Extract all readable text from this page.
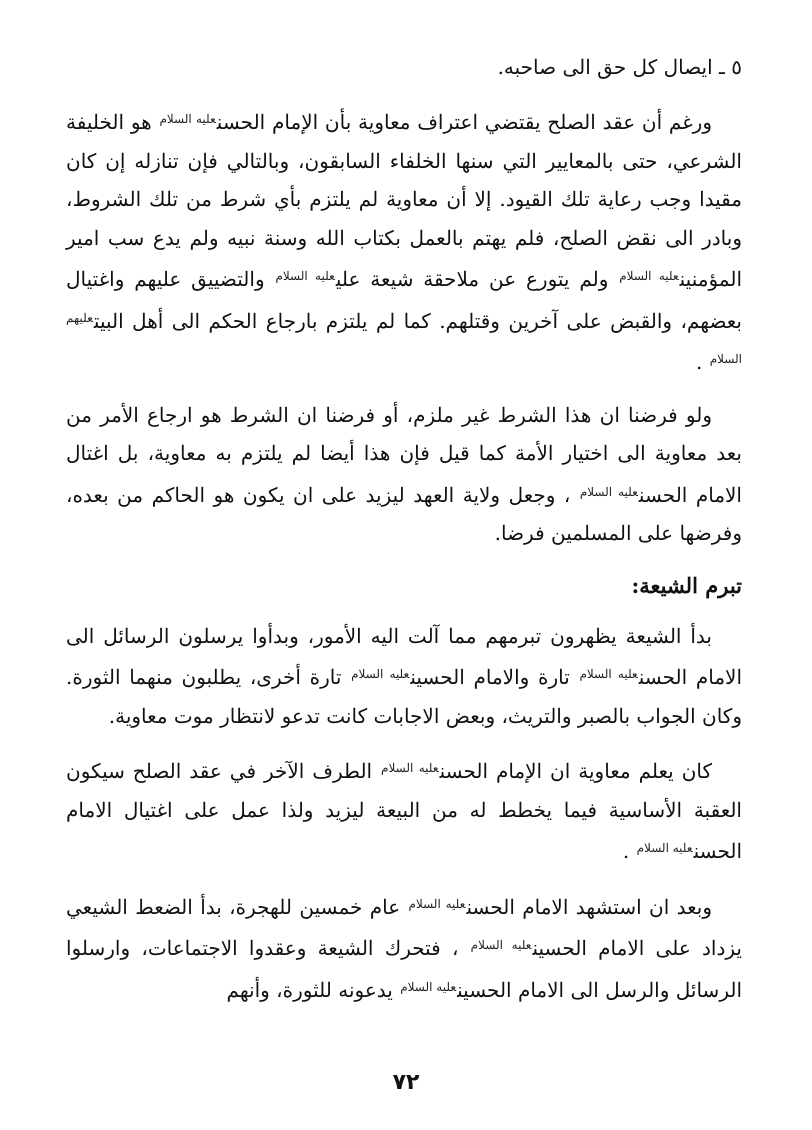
٥ ـ ايصال كل حق الى صاحبه.

ورغم أن عقد الصلح يقتضي اعتراف معاوية بأن الإمام الحسن$^{عليه السلام}$ هو الخليفة الشرعي، حتى بالمعايير التي سنها الخلفاء السابقون، وبالتالي فإن تنازله إن كان مقيدا وجب رعاية تلك القيود. إلا أن معاوية لم يلتزم بأي شرط من تلك الشروط، وبادر الى نقض الصلح، فلم يهتم بالعمل بكتاب الله وسنة نبيه ولم يدع سب امير المؤمنين$^{عليه السلام}$ ولم يتورع عن ملاحقة شيعة علي$^{عليه السلام}$ والتضييق عليهم واغتيال بعضهم، والقبض على آخرين وقتلهم. كما لم يلتزم بارجاع الحكم الى أهل البيت$^{عليهم السلام}$ .

ولو فرضنا ان هذا الشرط غير ملزم، أو فرضنا ان الشرط هو ارجاع الأمر من بعد معاوية الى اختيار الأمة كما قيل فإن هذا أيضا لم يلتزم به معاوية، بل اغتال الامام الحسن$^{عليه السلام}$ ، وجعل ولاية العهد ليزيد على ان يكون هو الحاكم من بعده، وفرضها على المسلمين فرضا.

تبرم الشيعة:

بدأ الشيعة يظهرون تبرمهم مما آلت اليه الأمور، وبدأوا يرسلون الرسائل الى الامام الحسن$^{عليه السلام}$ تارة والامام الحسين$^{عليه السلام}$ تارة أخرى، يطلبون منهما الثورة. وكان الجواب بالصبر والتريث، وبعض الاجابات كانت تدعو لانتظار موت معاوية.

كان يعلم معاوية ان الإمام الحسن$^{عليه السلام}$ الطرف الآخر في عقد الصلح سيكون العقبة الأساسية فيما يخطط له من البيعة ليزيد ولذا عمل على اغتيال الامام الحسن$^{عليه السلام}$ .

وبعد ان استشهد الامام الحسن$^{عليه السلام}$ عام خمسين للهجرة، بدأ الضعط الشيعي يزداد على الامام الحسين$^{عليه السلام}$ ، فتحرك الشيعة وعقدوا الاجتماعات، وارسلوا الرسائل والرسل الى الامام الحسين$^{عليه السلام}$ يدعونه للثورة، وأنهم

٧٢
